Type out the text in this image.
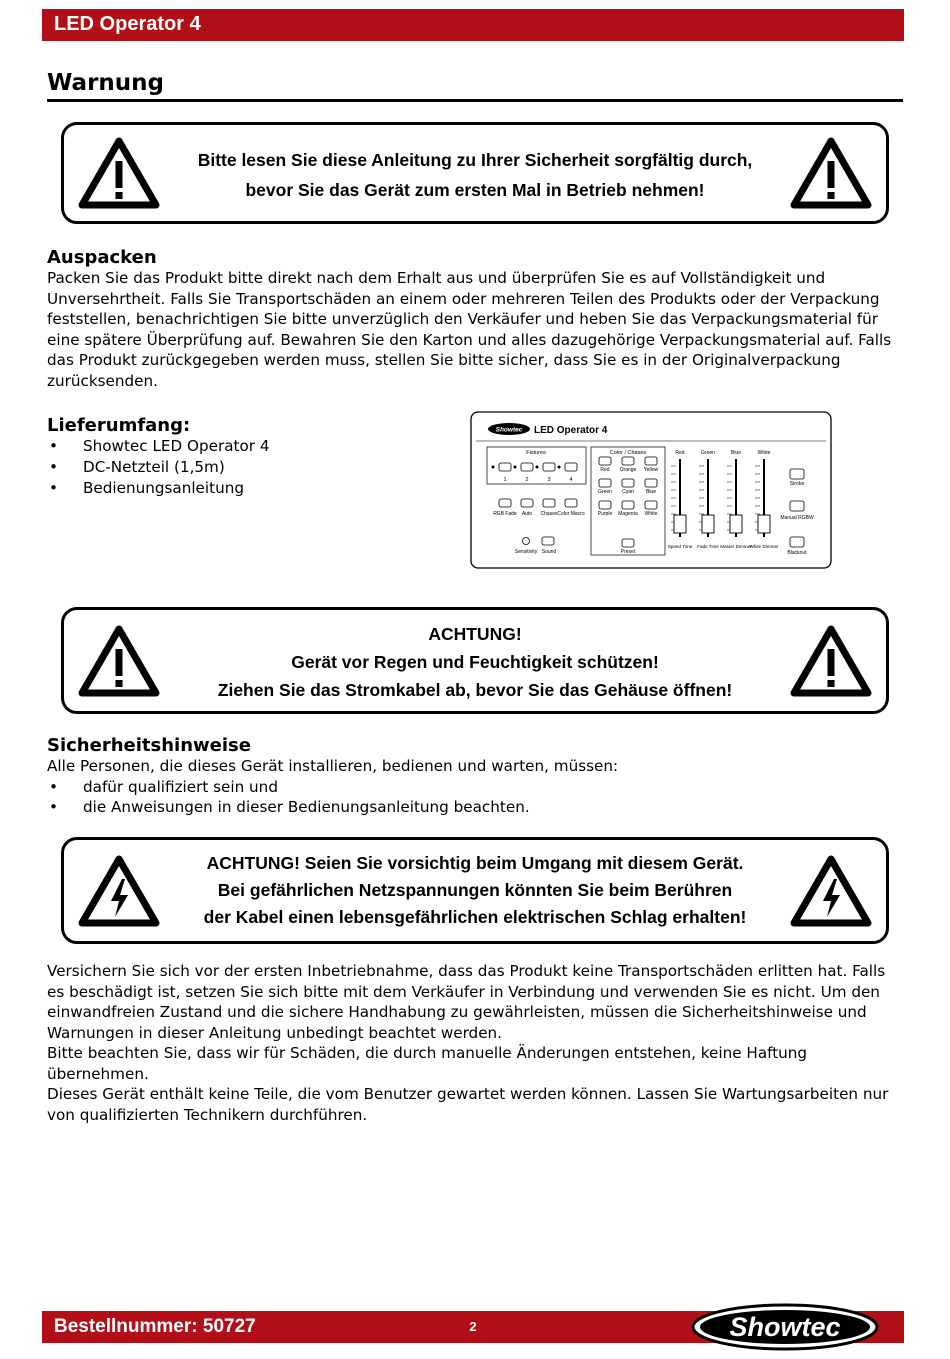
LED Operator 4
Warnung
Bitte lesen Sie diese Anleitung zu Ihrer Sicherheit sorgfältig durch,
bevor Sie das Gerät zum ersten Mal in Betrieb nehmen!
Auspacken
Packen Sie das Produkt bitte direkt nach dem Erhalt aus und überprüfen Sie es auf Vollständigkeit und Unversehrtheit. Falls Sie Transportschäden an einem oder mehreren Teilen des Produkts oder der Verpackung feststellen, benachrichtigen Sie bitte unverzüglich den Verkäufer und heben Sie das Verpackungsmaterial für eine spätere Überprüfung auf. Bewahren Sie den Karton und alles dazugehörige Verpackungsmaterial auf. Falls das Produkt zurückgegeben werden muss, stellen Sie bitte sicher, dass Sie es in der Originalverpackung zurücksenden.
Lieferumfang:
• Showtec LED Operator 4
• DC-Netzteil (1,5m)
• Bedienungsanleitung
Showtec LED Operator 4
Fixtures
1	2	3	4
RGB Fade Auto Chases Color Macro
Sensitivity Sound
Color / Chases
Red Orange Yellow
Green Cyan Blue
Purple Magenta White
Preset
Red	Green	Blue	White
Speed Time Fade Time Master Dimmer
White Dimmer
Strobe
Manual RGBW
Blackout
ACHTUNG!
Gerät vor Regen und Feuchtigkeit schützen!
Ziehen Sie das Stromkabel ab, bevor Sie das Gehäuse öffnen!
Sicherheitshinweise
Alle Personen, die dieses Gerät installieren, bedienen und warten, müssen:
• dafür qualifiziert sein und
• die Anweisungen in dieser Bedienungsanleitung beachten.
ACHTUNG! Seien Sie vorsichtig beim Umgang mit diesem Gerät.
Bei gefährlichen Netzspannungen könnten Sie beim Berühren
der Kabel einen lebensgefährlichen elektrischen Schlag erhalten!
Versichern Sie sich vor der ersten Inbetriebnahme, dass das Produkt keine Transportschäden erlitten hat. Falls es beschädigt ist, setzen Sie sich bitte mit dem Verkäufer in Verbindung und verwenden Sie es nicht. Um den einwandfreien Zustand und die sichere Handhabung zu gewährleisten, müssen die Sicherheitshinweise und Warnungen in dieser Anleitung unbedingt beachtet werden.
Bitte beachten Sie, dass wir für Schäden, die durch manuelle Änderungen entstehen, keine Haftung übernehmen.
Dieses Gerät enthält keine Teile, die vom Benutzer gewartet werden können. Lassen Sie Wartungsarbeiten nur von qualifizierten Technikern durchführen.
Bestellnummer: 50727	2	Showtec
